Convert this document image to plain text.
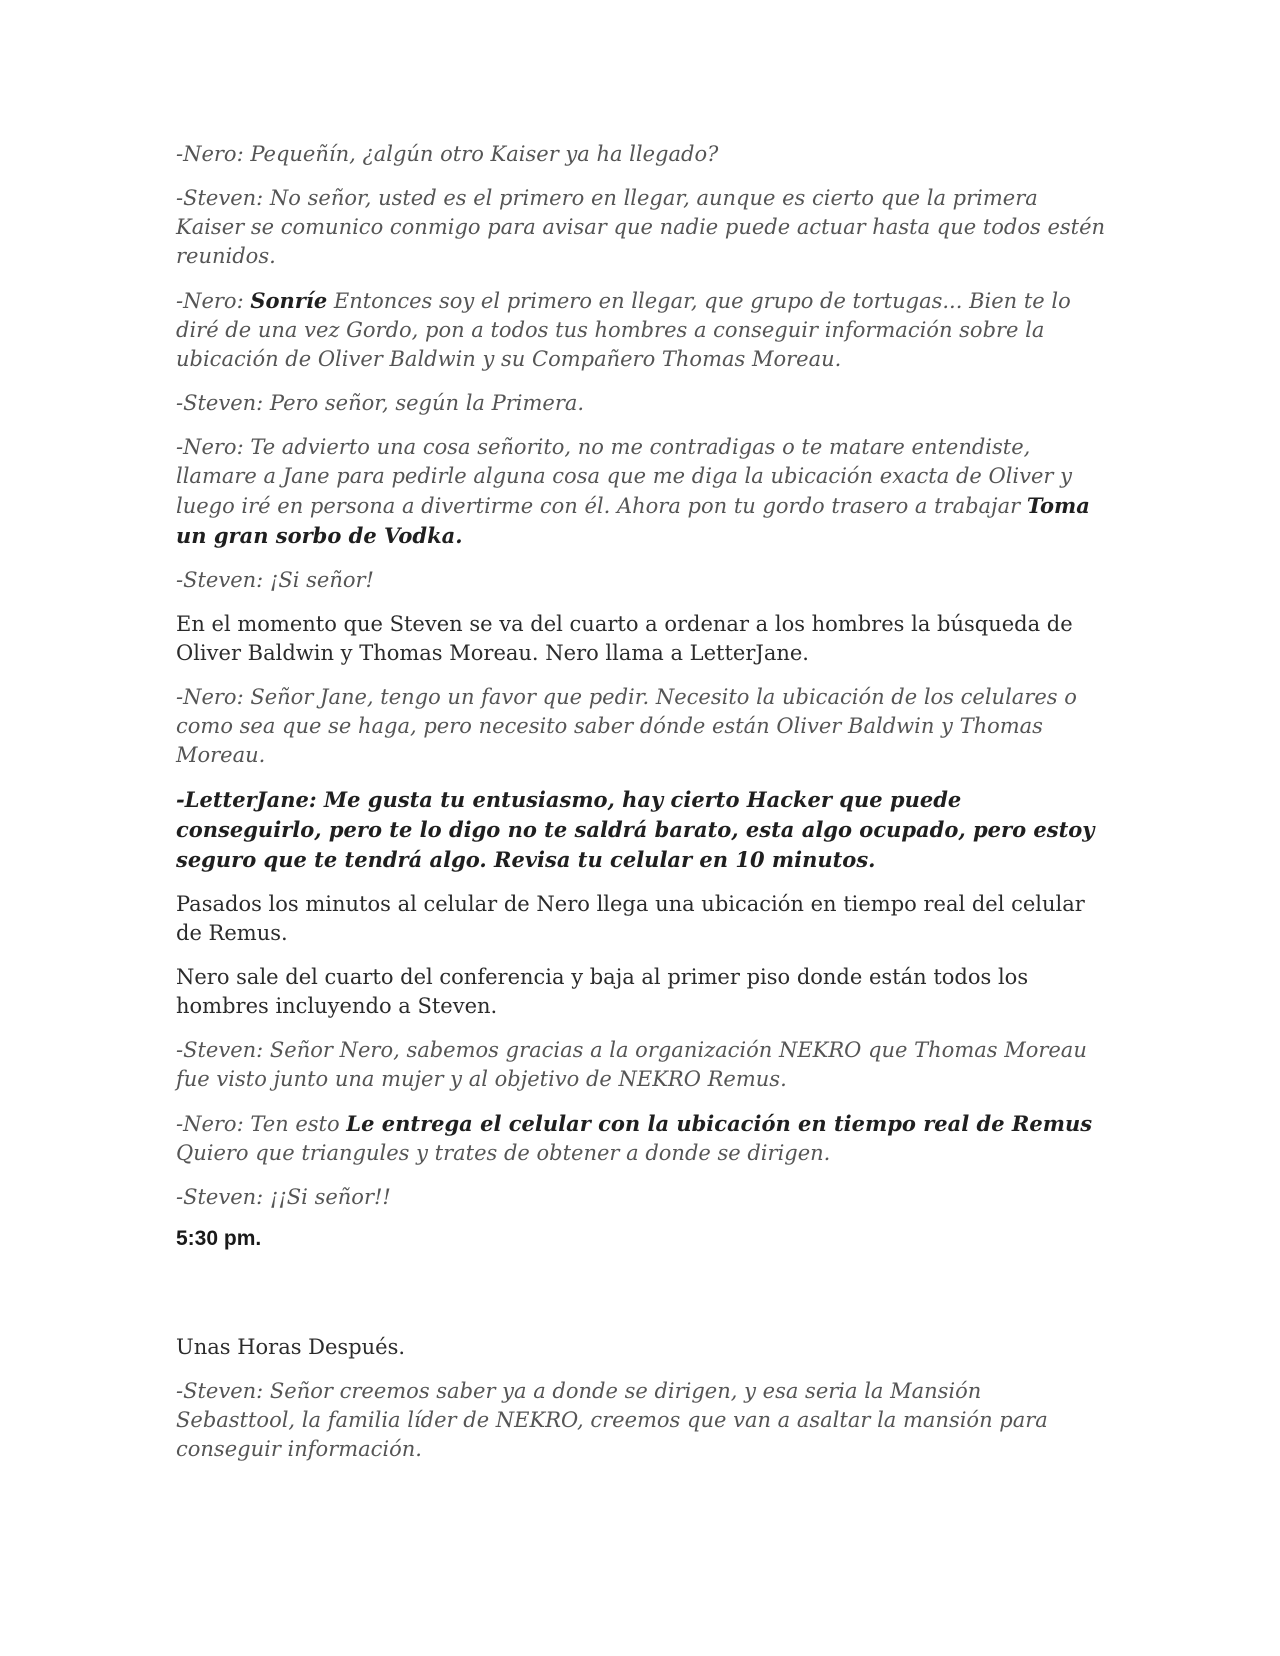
-Nero: Pequeñín, ¿algún otro Kaiser ya ha llegado?

-Steven: No señor, usted es el primero en llegar, aunque es cierto que la primera Kaiser se comunico conmigo para avisar que nadie puede actuar hasta que todos estén reunidos.

-Nero: Sonríe Entonces soy el primero en llegar, que grupo de tortugas... Bien te lo diré de una vez Gordo, pon a todos tus hombres a conseguir información sobre la ubicación de Oliver Baldwin y su Compañero Thomas Moreau.

-Steven: Pero señor, según la Primera.

-Nero: Te advierto una cosa señorito, no me contradigas o te matare entendiste, llamare a Jane para pedirle alguna cosa que me diga la ubicación exacta de Oliver y luego iré en persona a divertirme con él. Ahora pon tu gordo trasero a trabajar Toma un gran sorbo de Vodka.

-Steven: ¡Si señor!

En el momento que Steven se va del cuarto a ordenar a los hombres la búsqueda de Oliver Baldwin y Thomas Moreau. Nero llama a LetterJane.

-Nero: Señor Jane, tengo un favor que pedir. Necesito la ubicación de los celulares o como sea que se haga, pero necesito saber dónde están Oliver Baldwin y Thomas Moreau.

-LetterJane: Me gusta tu entusiasmo, hay cierto Hacker que puede conseguirlo, pero te lo digo no te saldrá barato, esta algo ocupado, pero estoy seguro que te tendrá algo. Revisa tu celular en 10 minutos.

Pasados los minutos al celular de Nero llega una ubicación en tiempo real del celular de Remus.

Nero sale del cuarto del conferencia y baja al primer piso donde están todos los hombres incluyendo a Steven.

-Steven: Señor Nero, sabemos gracias a la organización NEKRO que Thomas Moreau fue visto junto una mujer y al objetivo de NEKRO Remus.

-Nero: Ten esto Le entrega el celular con la ubicación en tiempo real de Remus Quiero que triangules y trates de obtener a donde se dirigen.

-Steven: ¡¡Si señor!!

5:30 pm.

Unas Horas Después.

-Steven: Señor creemos saber ya a donde se dirigen, y esa seria la Mansión Sebasttool, la familia líder de NEKRO, creemos que van a asaltar la mansión para conseguir información.
